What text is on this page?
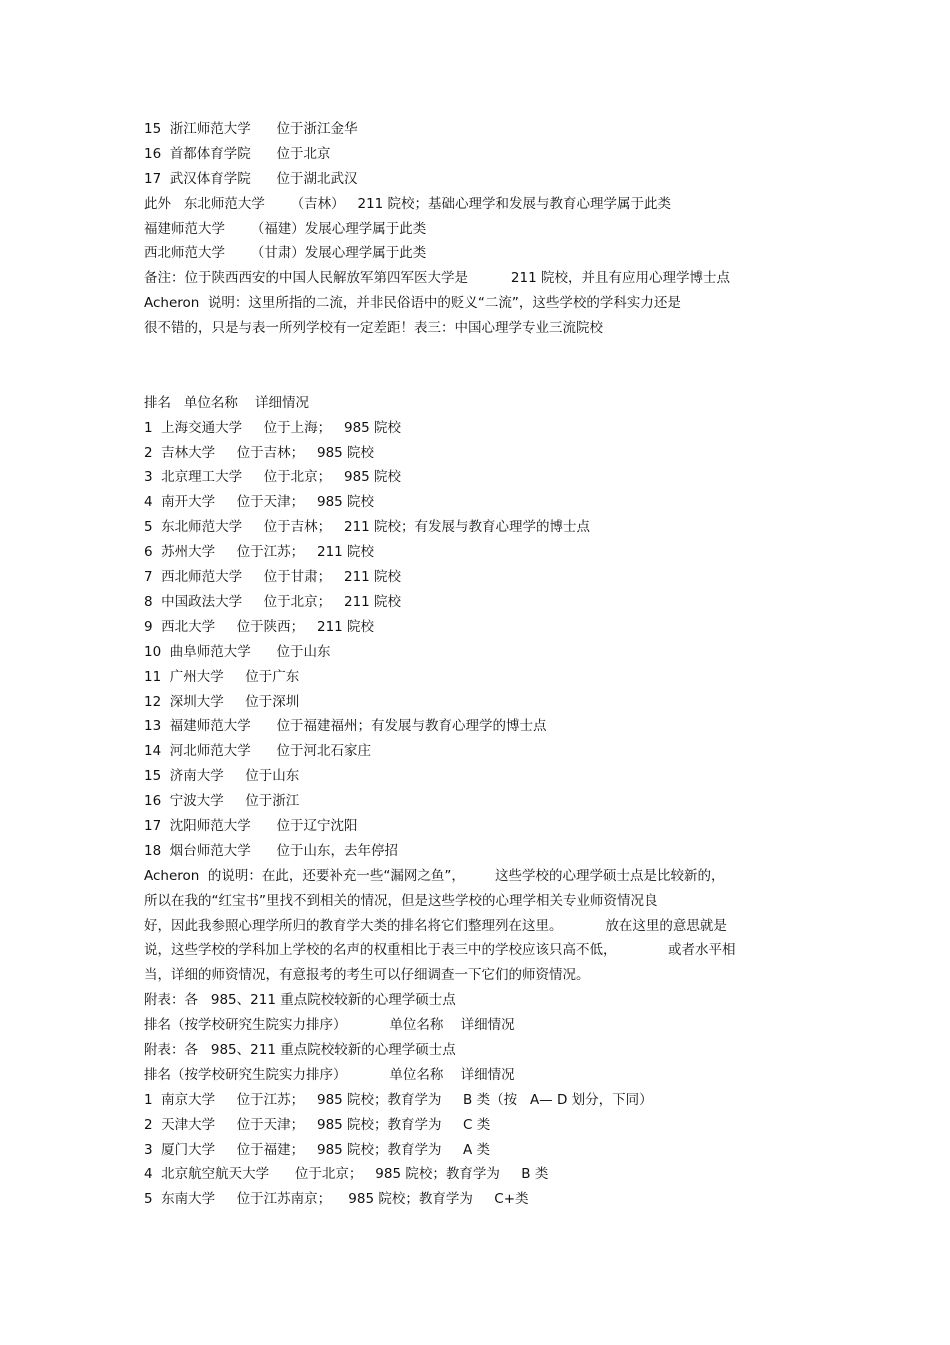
15  浙江师范大学      位于浙江金华
16  首都体育学院      位于北京
17  武汉体育学院      位于湖北武汉
此外   东北师范大学      （吉林）   211 院校；基础心理学和发展与教育心理学属于此类
福建师范大学      （福建）发展心理学属于此类
西北师范大学      （甘肃）发展心理学属于此类
备注：位于陕西西安的中国人民解放军第四军医大学是          211 院校，并且有应用心理学博士点
Acheron  说明：这里所指的二流，并非民俗语中的贬义“二流”，这些学校的学科实力还是
很不错的，只是与表一所列学校有一定差距！表三：中国心理学专业三流院校
排名   单位名称    详细情况
1  上海交通大学     位于上海；   985 院校
2  吉林大学     位于吉林；   985 院校
3  北京理工大学     位于北京；   985 院校
4  南开大学     位于天津；   985 院校
5  东北师范大学     位于吉林；   211 院校；有发展与教育心理学的博士点
6  苏州大学     位于江苏；   211 院校
7  西北师范大学     位于甘肃；   211 院校
8  中国政法大学     位于北京；   211 院校
9  西北大学     位于陕西；   211 院校
10  曲阜师范大学      位于山东
11  广州大学     位于广东
12  深圳大学     位于深圳
13  福建师范大学      位于福建福州；有发展与教育心理学的博士点
14  河北师范大学      位于河北石家庄
15  济南大学     位于山东
16  宁波大学     位于浙江
17  沈阳师范大学      位于辽宁沈阳
18  烟台师范大学      位于山东，去年停招
Acheron  的说明：在此，还要补充一些“漏网之鱼”，       这些学校的心理学硕士点是比较新的，
所以在我的“红宝书”里找不到相关的情况，但是这些学校的心理学相关专业师资情况良
好，因此我参照心理学所归的教育学大类的排名将它们整理列在这里。          放在这里的意思就是
说，这些学校的学科加上学校的名声的权重相比于表三中的学校应该只高不低，            或者水平相
当，详细的师资情况，有意报考的考生可以仔细调查一下它们的师资情况。
附表：各   985、211 重点院校较新的心理学硕士点
排名（按学校研究生院实力排序）          单位名称    详细情况
附表：各   985、211 重点院校较新的心理学硕士点
排名（按学校研究生院实力排序）          单位名称    详细情况
1  南京大学     位于江苏；   985 院校；教育学为     B 类（按   A— D 划分，下同）
2  天津大学     位于天津；   985 院校；教育学为     C 类
3  厦门大学     位于福建；   985 院校；教育学为     A 类
4  北京航空航天大学      位于北京；   985 院校；教育学为     B 类
5  东南大学     位于江苏南京；    985 院校；教育学为     C+类
